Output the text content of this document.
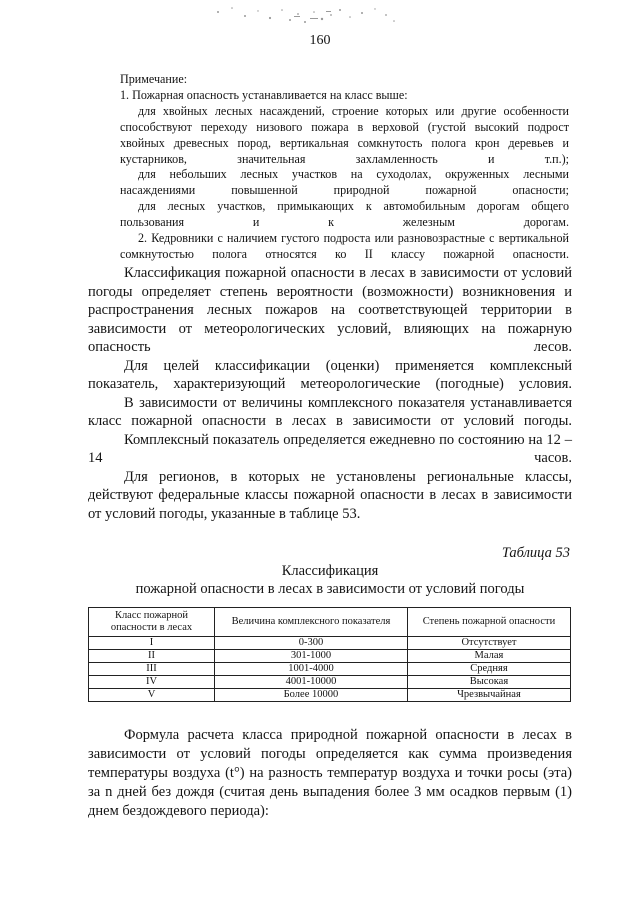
160

Примечание:

1. Пожарная опасность устанавливается на класс выше:

для хвойных лесных насаждений, строение которых или другие особенности способствуют переходу низового пожара в верховой (густой высокий подрост хвойных древесных пород, вертикальная сомкнутость полога крон деревьев и кустарников, значительная захламленность и т.п.);

для небольших лесных участков на суходолах, окруженных лесными насаждениями повышенной природной пожарной опасности;

для лесных участков, примыкающих к автомобильным дорогам общего пользования и к железным дорогам.

2. Кедровники с наличием густого подроста или разновозрастные с вертикальной сомкнутостью полога относятся ко II классу пожарной опасности.

Классификация пожарной опасности в лесах в зависимости от условий погоды определяет степень вероятности (возможности) возникновения и распространения лесных пожаров на соответствующей территории в зависимости от метеорологических условий, влияющих на пожарную опасность лесов.

Для целей классификации (оценки) применяется комплексный показатель, характеризующий метеорологические (погодные) условия.

В зависимости от величины комплексного показателя устанавливается класс пожарной опасности в лесах в зависимости от условий погоды.

Комплексный показатель определяется ежедневно по состоянию на 12 – 14 часов.

Для регионов, в которых не установлены региональные классы, действуют федеральные классы пожарной опасности в лесах в зависимости от условий погоды, указанные в таблице 53.

Таблица 53
Классификация
пожарной опасности в лесах в зависимости от условий погоды
Класс пожарной опасности в лесах	Величина комплексного показателя	Степень пожарной опасности
I	0-300	Отсутствует
II	301-1000	Малая
III	1001-4000	Средняя
IV	4001-10000	Высокая
V	Более 10000	Чрезвычайная

Формула расчета класса природной пожарной опасности в лесах в зависимости от условий погоды определяется как сумма произведения температуры воздуха (t°) на разность температур воздуха и точки росы (эта) за n дней без дождя (считая день выпадения более 3 мм осадков первым (1) днем бездождевого периода):
